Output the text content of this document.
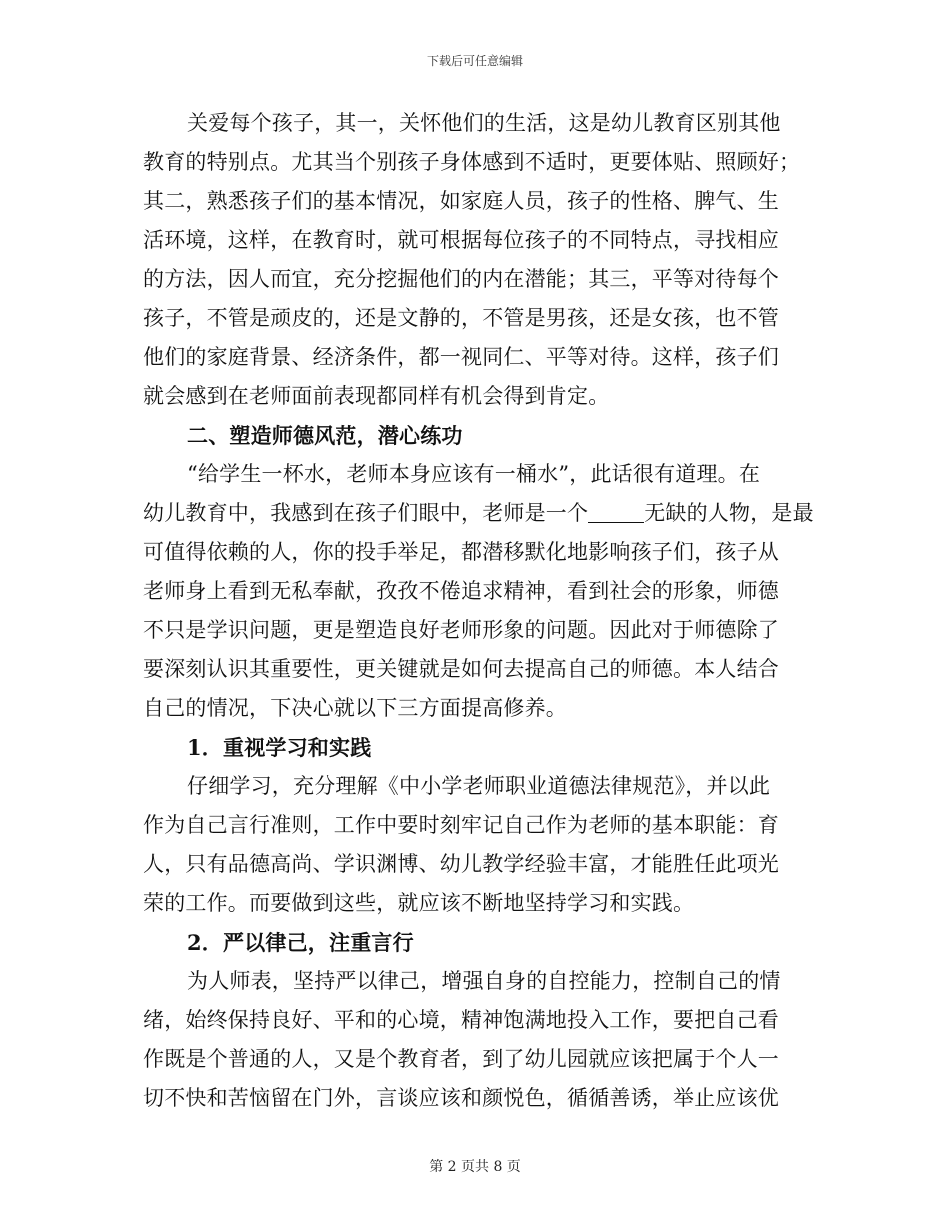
下载后可任意编辑
关爱每个孩子，其一，关怀他们的生活，这是幼儿教育区别其他
教育的特别点。尤其当个别孩子身体感到不适时，更要体贴、照顾好；
其二，熟悉孩子们的基本情况，如家庭人员，孩子的性格、脾气、生
活环境，这样，在教育时，就可根据每位孩子的不同特点，寻找相应
的方法，因人而宜，充分挖掘他们的内在潜能；其三，平等对待每个
孩子，不管是顽皮的，还是文静的，不管是男孩，还是女孩，也不管
他们的家庭背景、经济条件，都一视同仁、平等对待。这样，孩子们
就会感到在老师面前表现都同样有机会得到肯定。
二、塑造师德风范，潜心练功
“给学生一杯水，老师本身应该有一桶水”，此话很有道理。在
幼儿教育中，我感到在孩子们眼中，老师是一个	无缺的人物，是最
可值得依赖的人，你的投手举足，都潜移默化地影响孩子们，孩子从
老师身上看到无私奉献，孜孜不倦追求精神，看到社会的形象，师德
不只是学识问题，更是塑造良好老师形象的问题。因此对于师德除了
要深刻认识其重要性，更关键就是如何去提高自己的师德。本人结合
自己的情况，下决心就以下三方面提高修养。
1．重视学习和实践
仔细学习，充分理解《中小学老师职业道德法律规范》，并以此
作为自己言行准则，工作中要时刻牢记自己作为老师的基本职能：育
人，只有品德高尚、学识渊博、幼儿教学经验丰富，才能胜任此项光
荣的工作。而要做到这些，就应该不断地坚持学习和实践。
2．严以律己，注重言行
为人师表，坚持严以律己，增强自身的自控能力，控制自己的情
绪，始终保持良好、平和的心境，精神饱满地投入工作，要把自己看
作既是个普通的人，又是个教育者，到了幼儿园就应该把属于个人一
切不快和苦恼留在门外，言谈应该和颜悦色，循循善诱，举止应该优
第 2 页共 8 页
